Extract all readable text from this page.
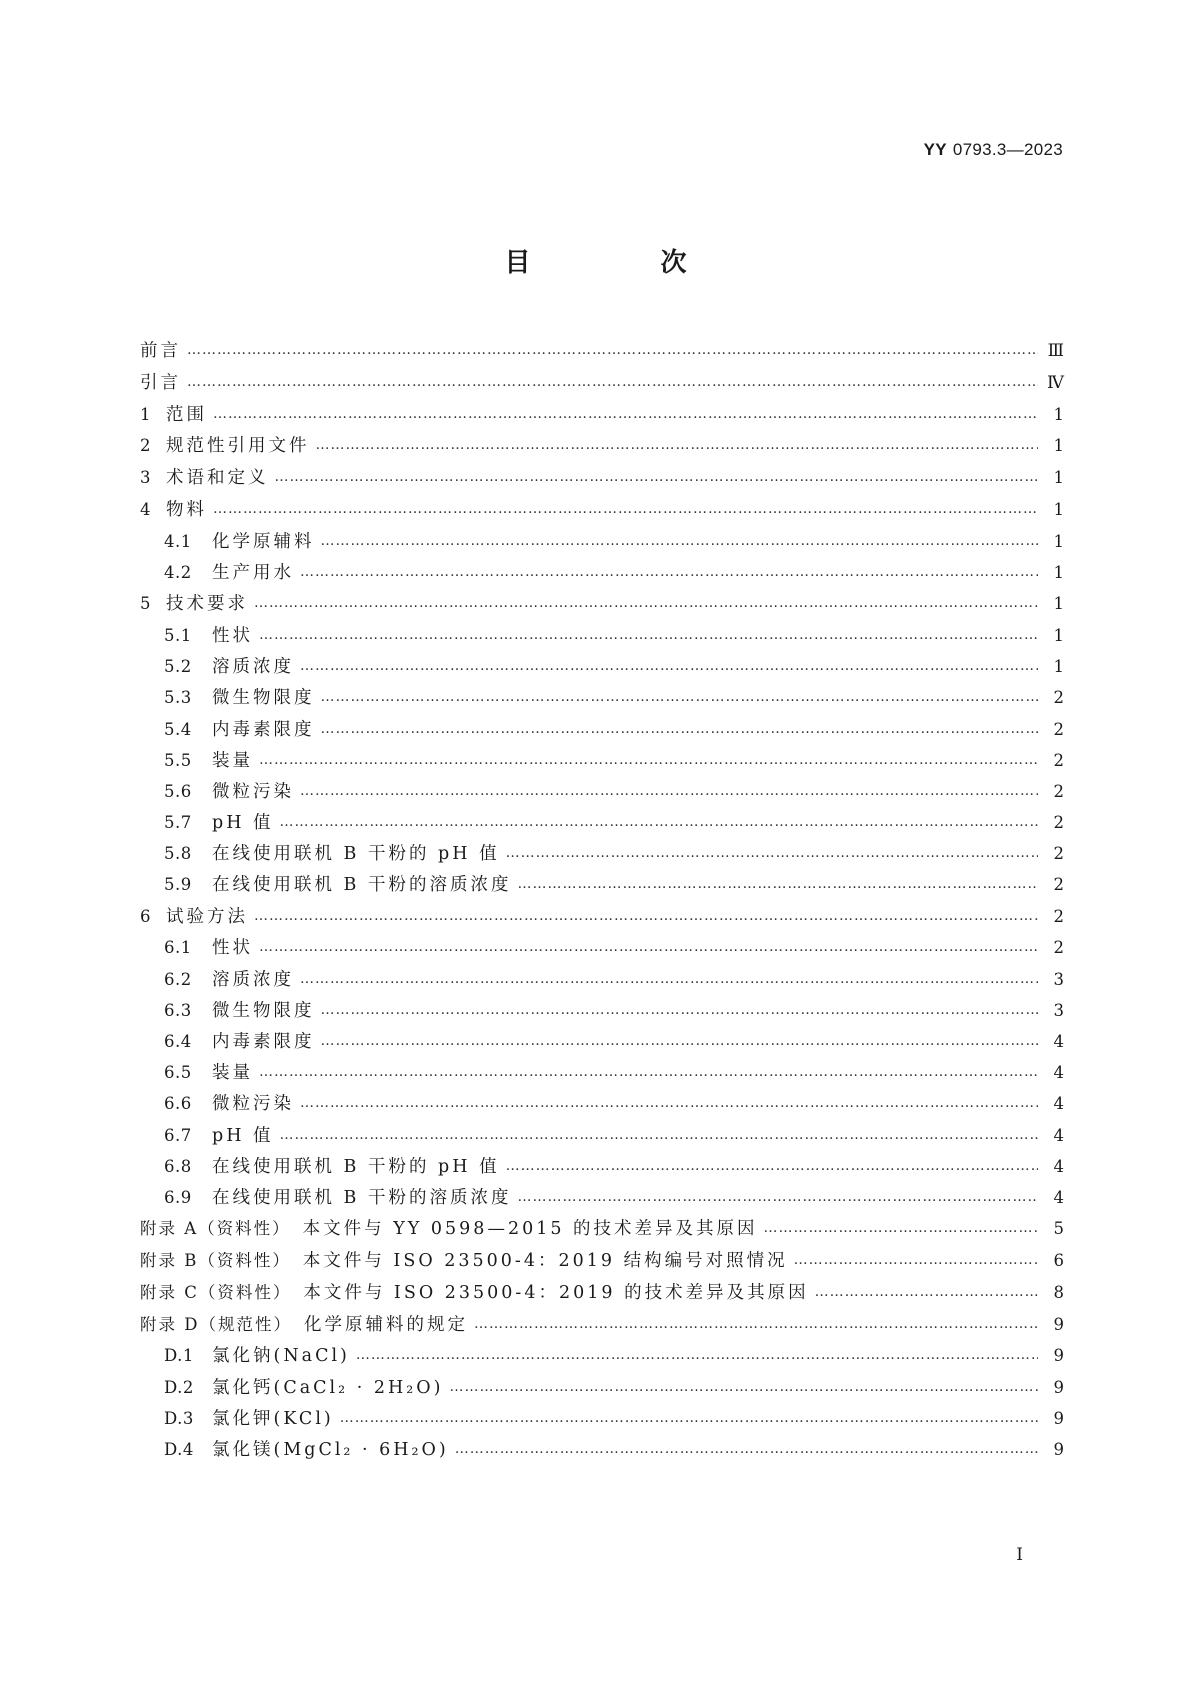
YY 0793.3—2023
目　次
前言 …………………………………………………………………………………………………………………………………………………………………………………………………………………………………………	Ⅲ
引言 …………………………………………………………………………………………………………………………………………………………………………………………………………………………………………	Ⅳ
1 范围 …………………………………………………………………………………………………………………………………………………………………………………………………………………………………………	1
2 规范性引用文件 …………………………………………………………………………………………………………………………………………………………………………………………………………………………………………	1
3 术语和定义 …………………………………………………………………………………………………………………………………………………………………………………………………………………………………………	1
4 物料 …………………………………………………………………………………………………………………………………………………………………………………………………………………………………………	1
4.1	化学原辅料 …………………………………………………………………………………………………………………………………………………………………………………………………………………………………………	1
4.2	生产用水 …………………………………………………………………………………………………………………………………………………………………………………………………………………………………………	1
5 技术要求 …………………………………………………………………………………………………………………………………………………………………………………………………………………………………………	1
5.1	性状 …………………………………………………………………………………………………………………………………………………………………………………………………………………………………………	1
5.2	溶质浓度 …………………………………………………………………………………………………………………………………………………………………………………………………………………………………………	1
5.3	微生物限度 …………………………………………………………………………………………………………………………………………………………………………………………………………………………………………	2
5.4	内毒素限度 …………………………………………………………………………………………………………………………………………………………………………………………………………………………………………	2
5.5	装量 …………………………………………………………………………………………………………………………………………………………………………………………………………………………………………	2
5.6	微粒污染 …………………………………………………………………………………………………………………………………………………………………………………………………………………………………………	2
5.7	pH 值 …………………………………………………………………………………………………………………………………………………………………………………………………………………………………………	2
5.8	在线使用联机 B 干粉的 pH 值 …………………………………………………………………………………………………………………………………………………………………………………………………………………………………………	2
5.9	在线使用联机 B 干粉的溶质浓度 …………………………………………………………………………………………………………………………………………………………………………………………………………………………………………	2
6 试验方法 …………………………………………………………………………………………………………………………………………………………………………………………………………………………………………	2
6.1	性状 …………………………………………………………………………………………………………………………………………………………………………………………………………………………………………	2
6.2	溶质浓度 …………………………………………………………………………………………………………………………………………………………………………………………………………………………………………	3
6.3	微生物限度 …………………………………………………………………………………………………………………………………………………………………………………………………………………………………………	3
6.4	内毒素限度 …………………………………………………………………………………………………………………………………………………………………………………………………………………………………………	4
6.5	装量 …………………………………………………………………………………………………………………………………………………………………………………………………………………………………………	4
6.6	微粒污染 …………………………………………………………………………………………………………………………………………………………………………………………………………………………………………	4
6.7	pH 值 …………………………………………………………………………………………………………………………………………………………………………………………………………………………………………	4
6.8	在线使用联机 B 干粉的 pH 值 …………………………………………………………………………………………………………………………………………………………………………………………………………………………………………	4
6.9	在线使用联机 B 干粉的溶质浓度 …………………………………………………………………………………………………………………………………………………………………………………………………………………………………………	4
附录 A（资料性） 本文件与 YY 0598—2015 的技术差异及其原因 …………………………………………………………………………………………………………………………………………………………………………………………………………………………………………	5
附录 B（资料性） 本文件与 ISO 23500-4：2019 结构编号对照情况 …………………………………………………………………………………………………………………………………………………………………………………………………………………………………………	6
附录 C（资料性） 本文件与 ISO 23500-4：2019 的技术差异及其原因 …………………………………………………………………………………………………………………………………………………………………………………………………………………………………………	8
附录 D（规范性） 化学原辅料的规定 …………………………………………………………………………………………………………………………………………………………………………………………………………………………………………	9
D.1	氯化钠(NaCl) …………………………………………………………………………………………………………………………………………………………………………………………………………………………………………	9
D.2	氯化钙(CaCl₂ · 2H₂O) …………………………………………………………………………………………………………………………………………………………………………………………………………………………………………	9
D.3	氯化钾(KCl) …………………………………………………………………………………………………………………………………………………………………………………………………………………………………………	9
D.4	氯化镁(MgCl₂ · 6H₂O) …………………………………………………………………………………………………………………………………………………………………………………………………………………………………………	9
Ⅰ
